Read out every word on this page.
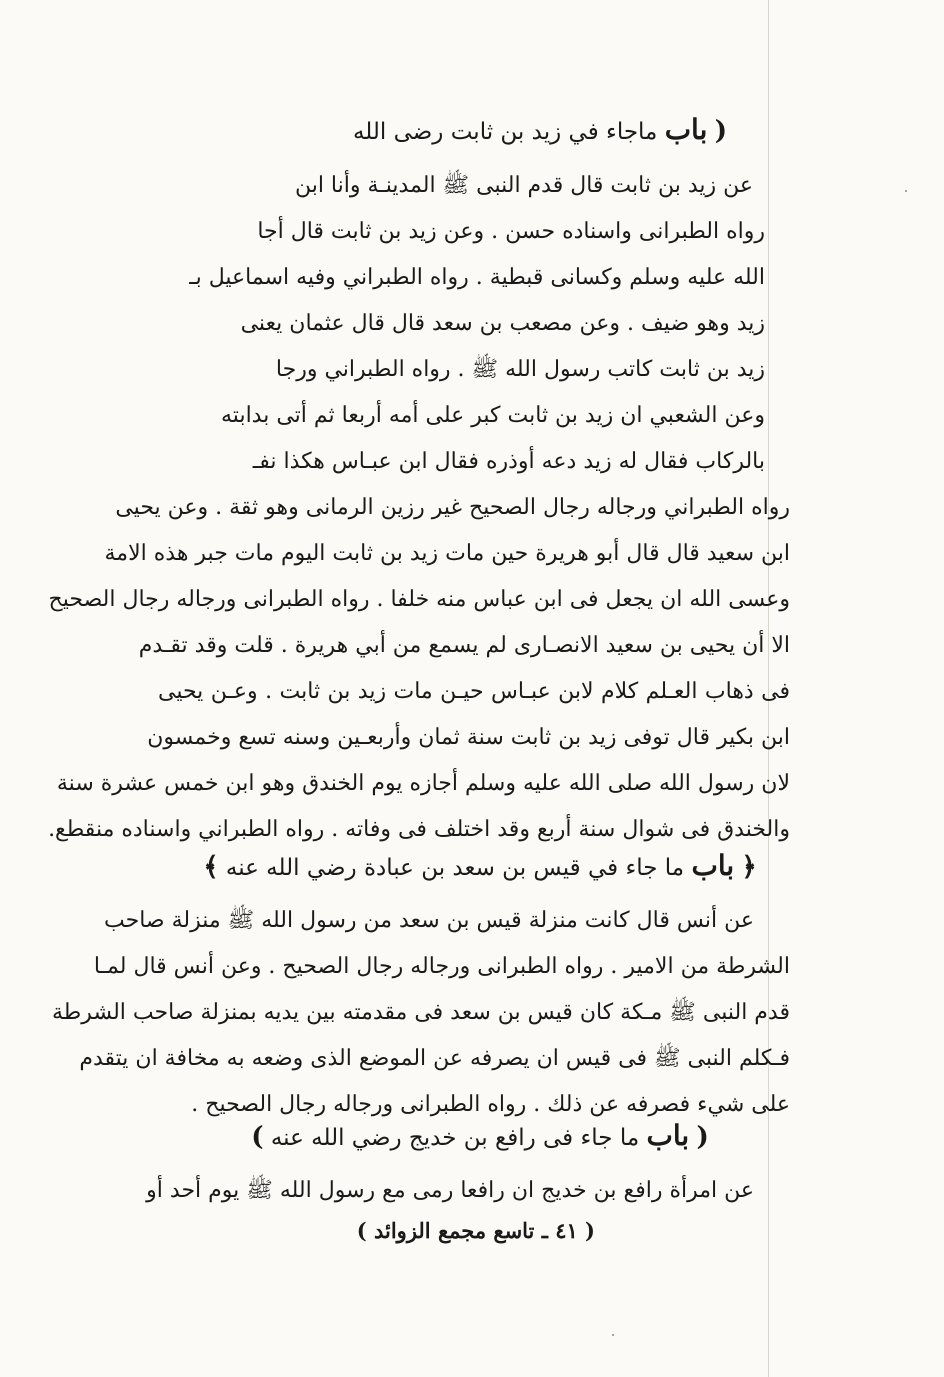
( باب ماجاء في زيد بن ثابت رضى الله
عن زيد بن ثابت قال قدم النبى ﷺ المدينـة وأنا ابن
رواه الطبرانى واسناده حسن . وعن زيد بن ثابت قال أجا
الله عليه وسلم وكسانى قبطية . رواه الطبراني وفيه اسماعيل بـ
زيد وهو ضيف . وعن مصعب بن سعد قال قال عثمان يعنى
زيد بن ثابت كاتب رسول الله ﷺ . رواه الطبراني ورجا
وعن الشعبي ان زيد بن ثابت كبر على أمه أربعا ثم أتى بدابته
بالركاب فقال له زيد دعه أوذره فقال ابن عبـاس هكذا نفـ
رواه الطبراني ورجاله رجال الصحيح غير رزين الرمانى وهو ثقة . وعن يحيى
ابن سعيد قال قال أبو هريرة حين مات زيد بن ثابت اليوم مات جبر هذه الامة
وعسى الله ان يجعل فى ابن عباس منه خلفا . رواه الطبرانى ورجاله رجال الصحيح
الا أن يحيى بن سعيد الانصـارى لم يسمع من أبي هريرة . قلت وقد تقـدم
فى ذهاب العـلم كلام لابن عبـاس حيـن مات زيد بن ثابت . وعـن يحيى
ابن بكير قال توفى زيد بن ثابت سنة ثمان وأربعـين وسنه تسع وخمسون
لان رسول الله صلى الله عليه وسلم أجازه يوم الخندق وهو ابن خمس عشرة سنة
والخندق فى شوال سنة أربع وقد اختلف فى وفاته . رواه الطبراني واسناده منقطع.
﴿ باب ما جاء في قيس بن سعد بن عبادة رضي الله عنه ﴾
عن أنس قال كانت منزلة قيس بن سعد من رسول الله ﷺ منزلة صاحب
الشرطة من الامير . رواه الطبرانى ورجاله رجال الصحيح . وعن أنس قال لمـا
قدم النبى ﷺ مـكة كان قيس بن سعد فى مقدمته بين يديه بمنزلة صاحب الشرطة
فـكلم النبى ﷺ فى قيس ان يصرفه عن الموضع الذى وضعه به مخافة ان يتقدم
على شيء فصرفه عن ذلك . رواه الطبرانى ورجاله رجال الصحيح .
( باب ما جاء فى رافع بن خديج رضي الله عنه )
عن امرأة رافع بن خديج ان رافعا رمى مع رسول الله ﷺ يوم أحد أو
( ٤١ ـ تاسع مجمع الزوائد )
